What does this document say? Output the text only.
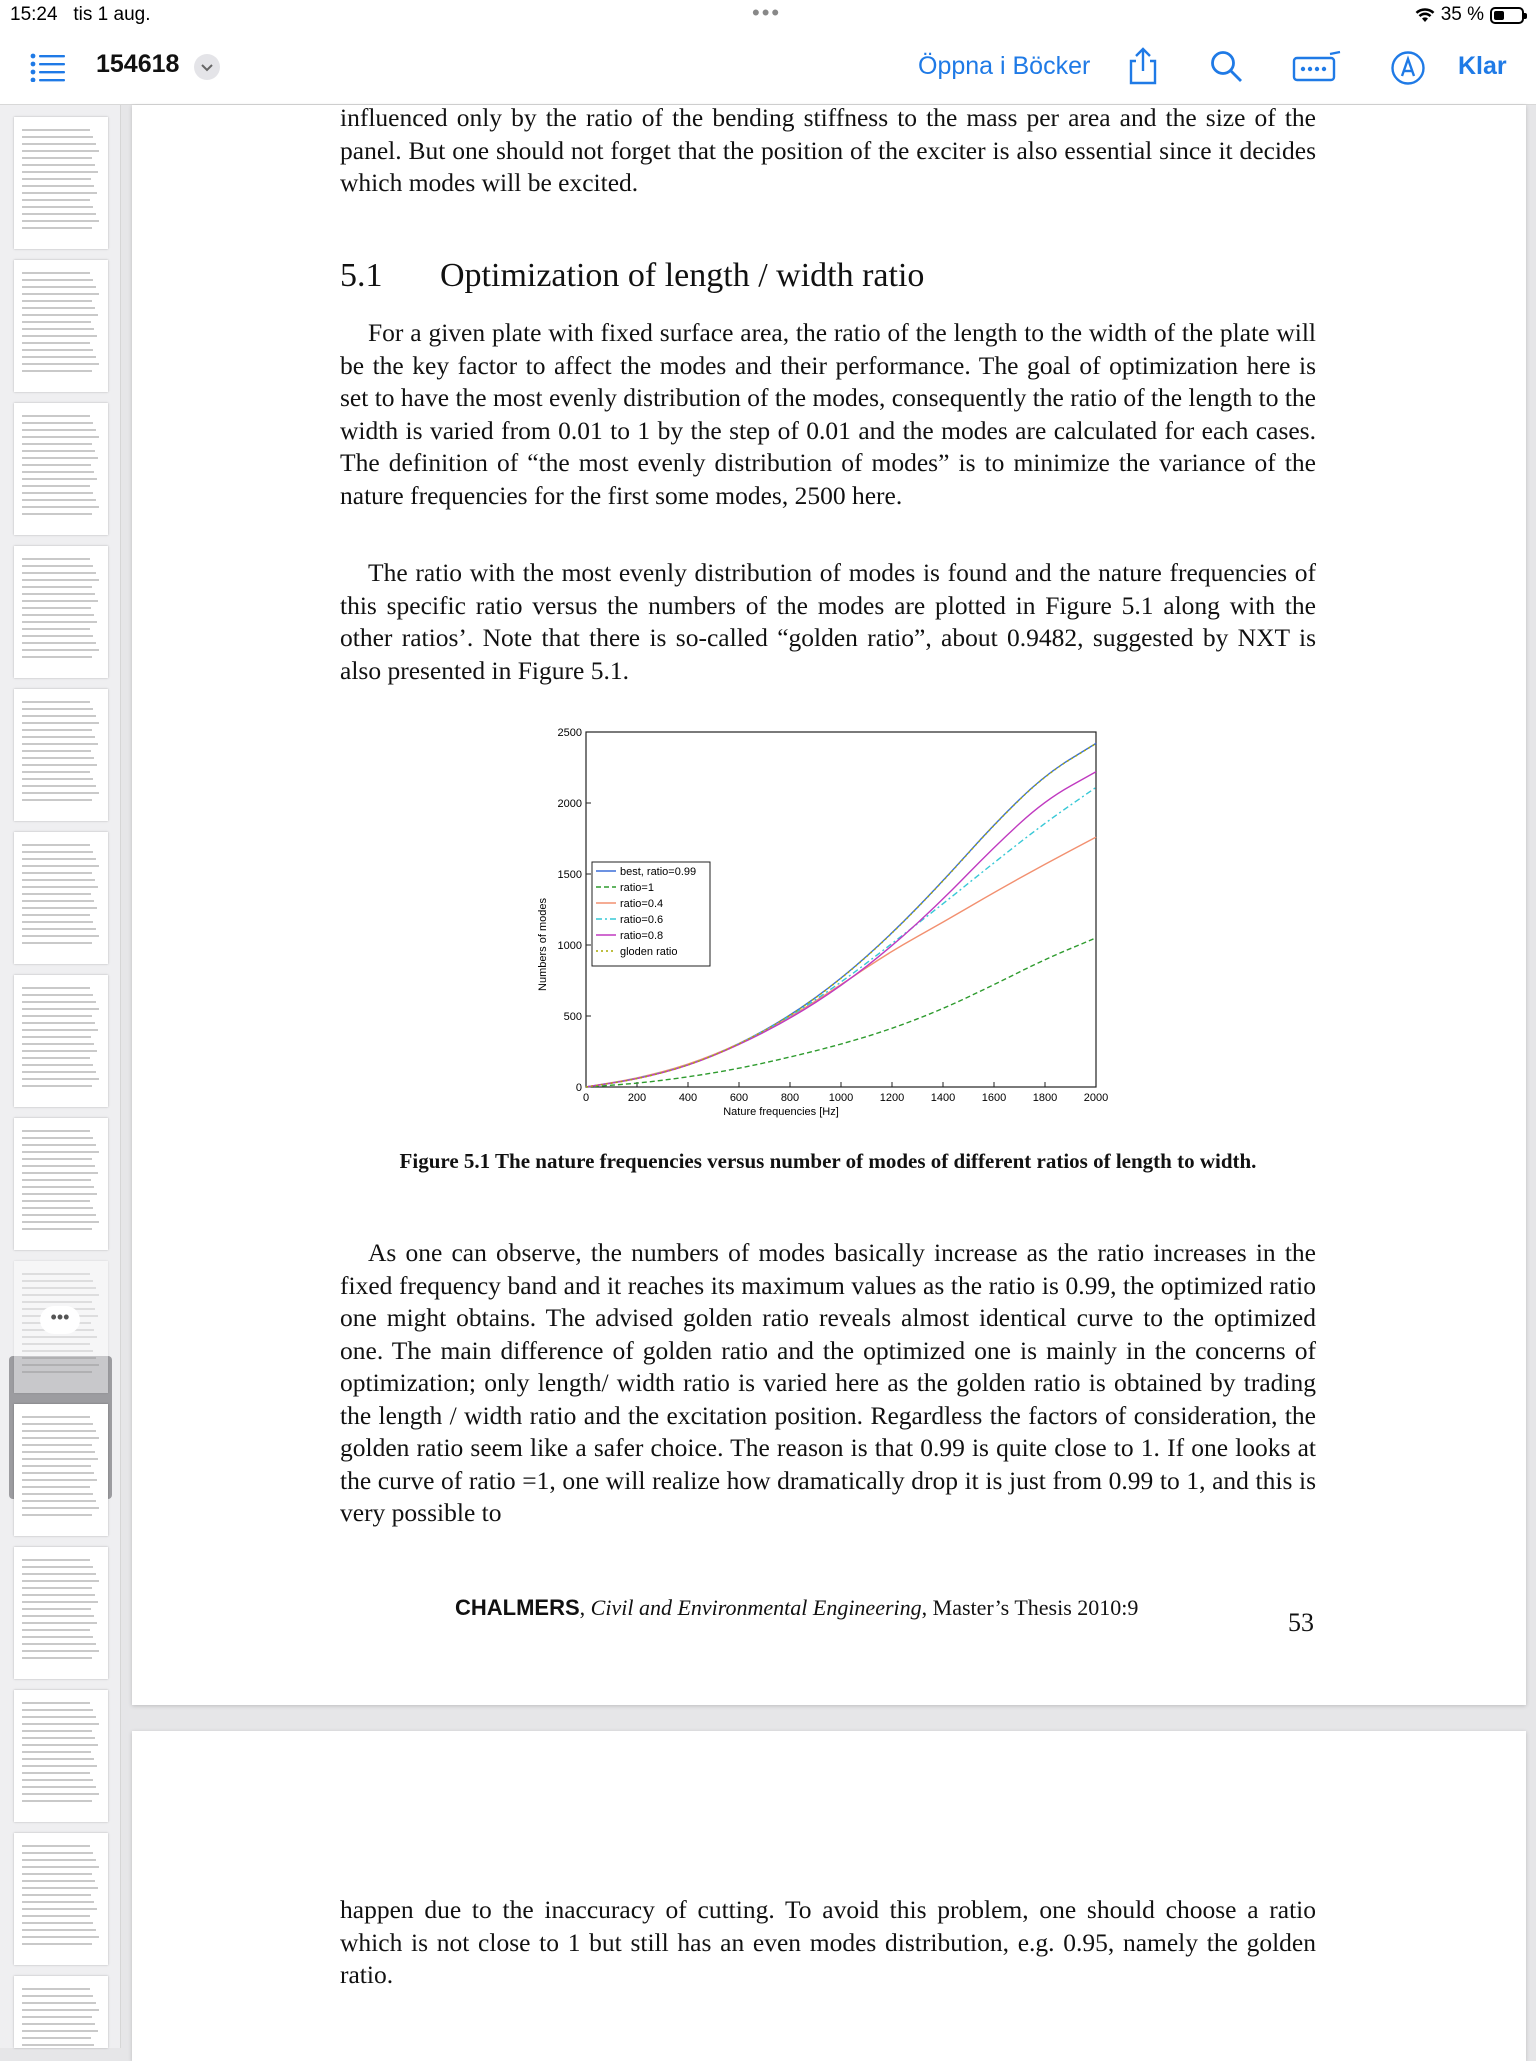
15:24 tis 1 aug.	•••	35 %
154618	Öppna i Böcker	Klar
•••
influenced only by the ratio of the bending stiffness to the mass per area and the size of the panel. But one should not forget that the position of the exciter is also essential since it decides which modes will be excited.
5.1 Optimization of length / width ratio
For a given plate with fixed surface area, the ratio of the length to the width of the plate will be the key factor to affect the modes and their performance. The goal of optimization here is set to have the most evenly distribution of the modes, consequently the ratio of the length to the width is varied from 0.01 to 1 by the step of 0.01 and the modes are calculated for each cases. The definition of “the most evenly distribution of modes” is to minimize the variance of the nature frequencies for the first some modes, 2500 here.
The ratio with the most evenly distribution of modes is found and the nature frequencies of this specific ratio versus the numbers of the modes are plotted in Figure 5.1 along with the other ratios’. Note that there is so-called “golden ratio”, about 0.9482, suggested by NXT is also presented in Figure 5.1.
0	200	400	600	800	1000 1200 1400 1600 1800 2000
0
500
1000
1500
2000
2500
Nature frequencies [Hz]
Numbers of modes
best, ratio=0.99
ratio=1
ratio=0.4
ratio=0.6
ratio=0.8
gloden ratio
Figure 5.1 The nature frequencies versus number of modes of different ratios of length to width.
As one can observe, the numbers of modes basically increase as the ratio increases in the fixed frequency band and it reaches its maximum values as the ratio is 0.99, the optimized ratio one might obtains. The advised golden ratio reveals almost identical curve to the optimized one. The main difference of golden ratio and the optimized one is mainly in the concerns of optimization; only length/ width ratio is varied here as the golden ratio is obtained by trading the length / width ratio and the excitation position. Regardless the factors of consideration, the golden ratio seem like a safer choice. The reason is that 0.99 is quite close to 1. If one looks at the curve of ratio =1, one will realize how dramatically drop it is just from 0.99 to 1, and this is very possible to
CHALMERS, Civil and Environmental Engineering, Master’s Thesis 2010:9
53
happen due to the inaccuracy of cutting. To avoid this problem, one should choose a ratio which is not close to 1 but still has an even modes distribution, e.g. 0.95, namely the golden ratio.
